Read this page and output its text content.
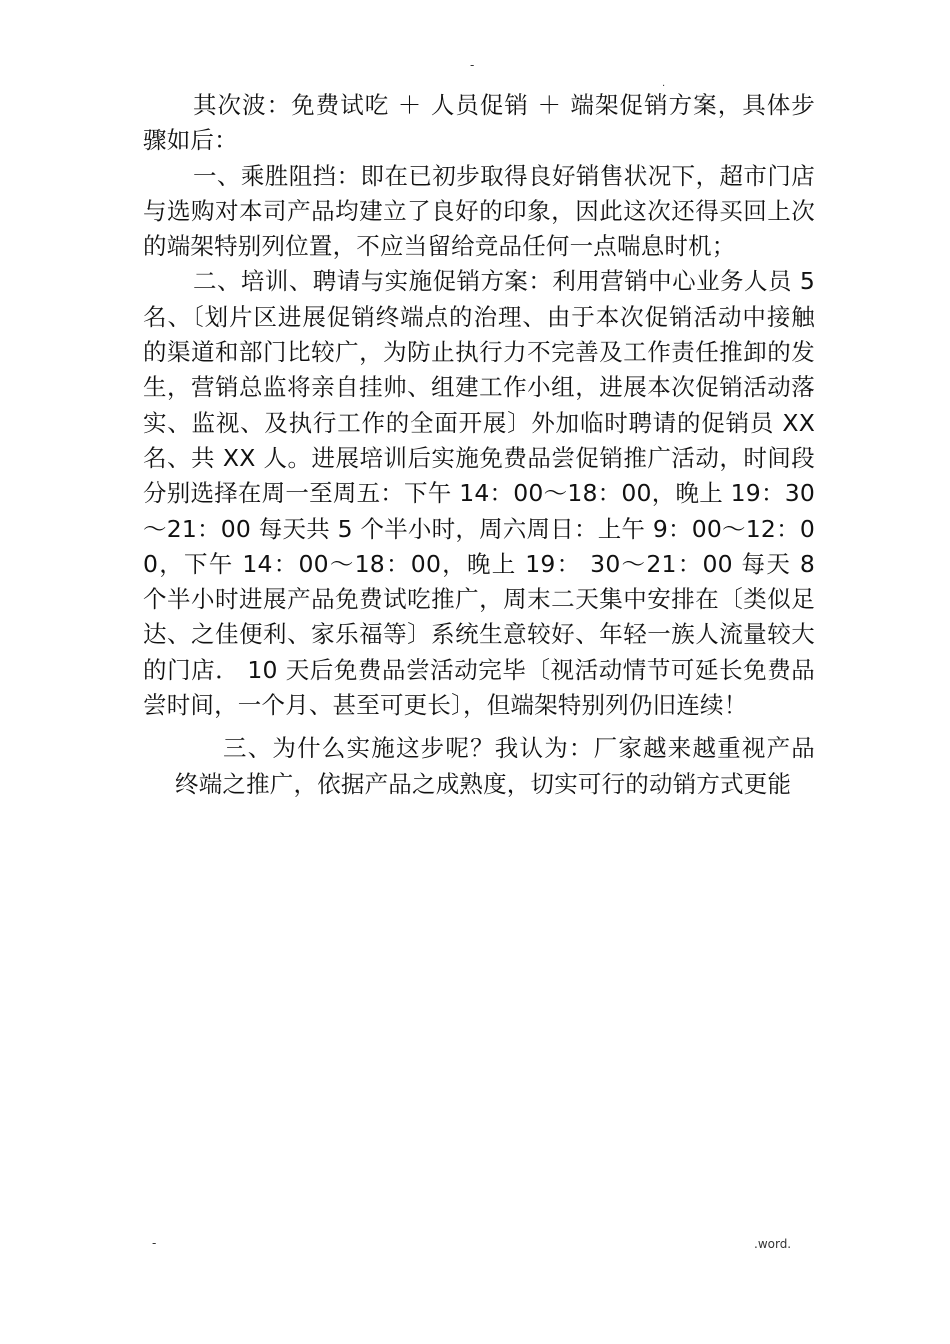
-
.

其次波：免费试吃 ＋ 人员促销 ＋ 端架促销方案，具体步骤如后：

一、乘胜阻挡：即在已初步取得良好销售状况下，超市门店与选购对本司产品均建立了良好的印象，因此这次还得买回上次的端架特别列位置，不应当留给竞品任何一点喘息时机；

二、培训、聘请与实施促销方案：利用营销中心业务人员 5 名、〔划片区进展促销终端点的治理、由于本次促销活动中接触的渠道和部门比较广，为防止执行力不完善及工作责任推卸的发生，营销总监将亲自挂帅、组建工作小组，进展本次促销活动落实、监视、及执行工作的全面开展〕外加临时聘请的促销员 XX 名、共 XX 人。进展培训后实施免费品尝促销推广活动，时间段分别选择在周一至周五：下午 14：00～18：00，晚上 19：30～21：00 每天共 5 个半小时，周六周日：上午 9：00～12：00，下午 14：00～18：00，晚上 19： 30～21：00 每天 8 个半小时进展产品免费试吃推广，周末二天集中安排在〔类似足达、之佳便利、家乐福等〕系统生意较好、年轻一族人流量较大的门店． 10 天后免费品尝活动完毕〔视活动情节可延长免费品尝时间，一个月、甚至可更长〕，但端架特别列仍旧连续！

三、为什么实施这步呢？我认为：厂家越来越重视产品终端之推广，依据产品之成熟度，切实可行的动销方式更能

-	.word.
